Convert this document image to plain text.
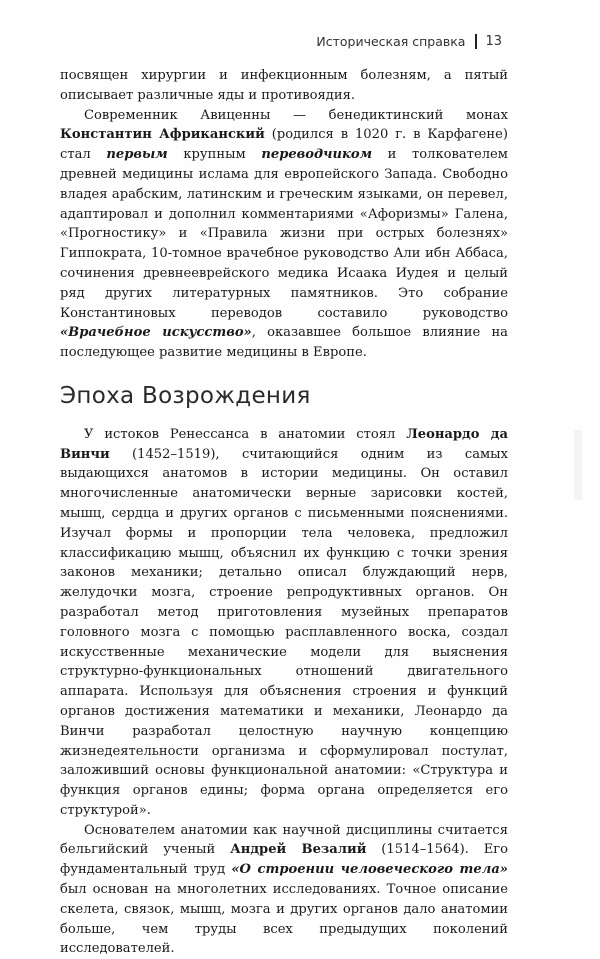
Историческая справка 13

посвящен хирургии и инфекционным болезням, а пятый описывает различные яды и противоядия.

Современник Авиценны — бенедиктинский монах Константин Африканский (родился в 1020 г. в Карфагене) стал первым крупным переводчиком и толкователем древней медицины ислама для европейского Запада. Свободно владея арабским, латинским и греческим языками, он перевел, адаптировал и дополнил комментариями «Афоризмы» Галена, «Прогностику» и «Правила жизни при острых болезнях» Гиппократа, 10-томное врачебное руководство Али ибн Аббаса, сочинения древнееврейского медика Исаака Иудея и целый ряд других литературных памятников. Это собрание Константиновых переводов составило руководство «Врачебное искусство», оказавшее большое влияние на последующее развитие медицины в Европе.

Эпоха Возрождения

У истоков Ренессанса в анатомии стоял Леонардо да Винчи (1452–1519), считающийся одним из самых выдающихся анатомов в истории медицины. Он оставил многочисленные анатомически верные зарисовки костей, мышц, сердца и других органов с письменными пояснениями. Изучал формы и пропорции тела человека, предложил классификацию мышц, объяснил их функцию с точки зрения законов механики; детально описал блуждающий нерв, желудочки мозга, строение репродуктивных органов. Он разработал метод приготовления музейных препаратов головного мозга с помощью расплавленного воска, создал искусственные механические модели для выяснения структурно-функциональных отношений двигательного аппарата. Используя для объяснения строения и функций органов достижения математики и механики, Леонардо да Винчи разработал целостную научную концепцию жизнедеятельности организма и сформулировал постулат, заложивший основы функциональной анатомии: «Структура и функция органов едины; форма органа определяется его структурой».

Основателем анатомии как научной дисциплины считается бельгийский ученый Андрей Везалий (1514–1564). Его фундаментальный труд «О строении человеческого тела» был основан на многолетних исследованиях. Точное описание скелета, связок, мышц, мозга и других органов дало анатомии больше, чем труды всех предыдущих поколений исследователей.
